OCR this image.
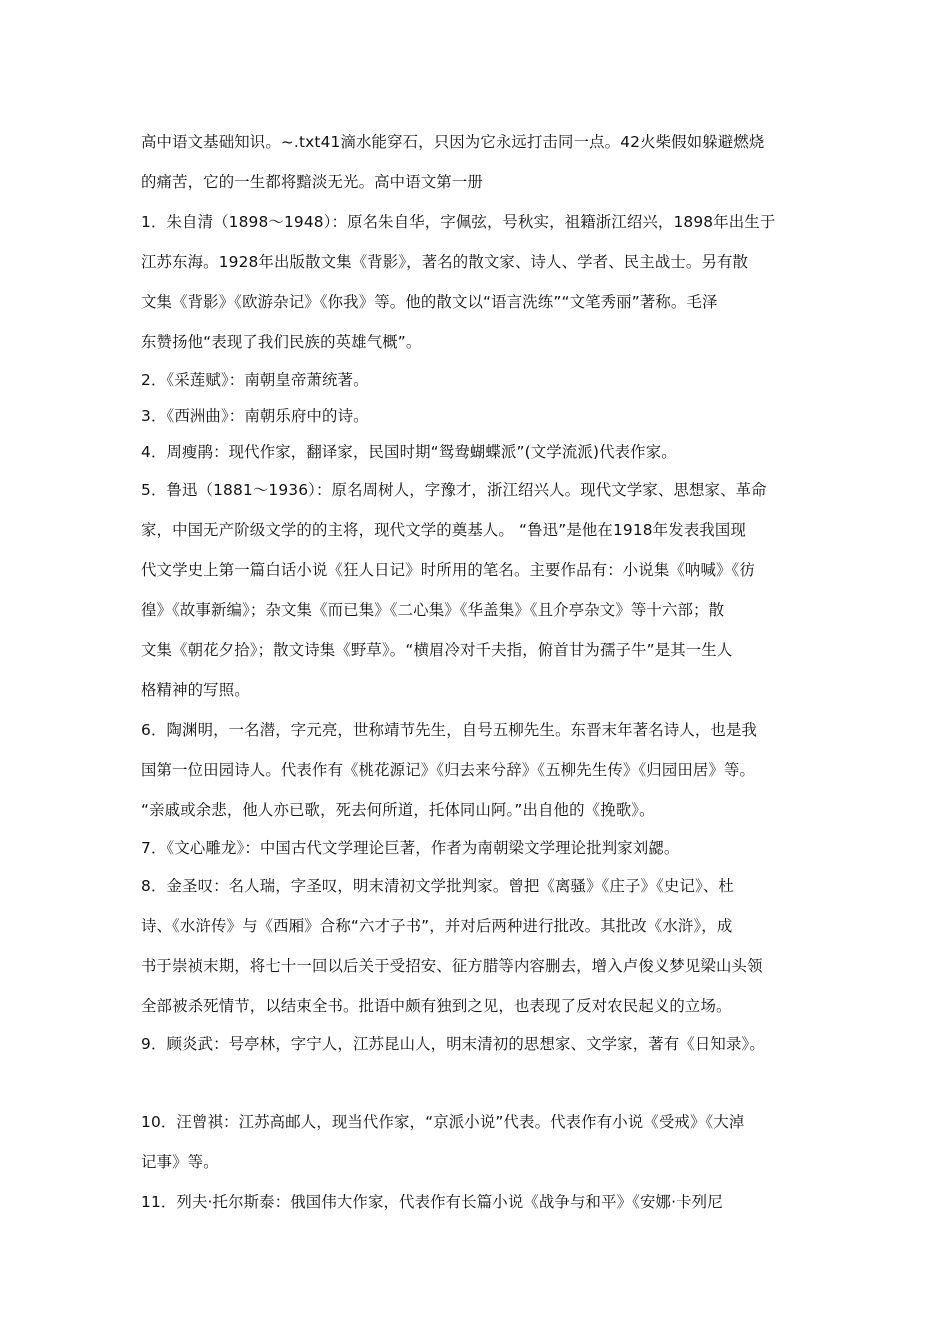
高中语文基础知识。~.txt41滴水能穿石，只因为它永远打击同一点。42火柴假如躲避燃烧

的痛苦，它的一生都将黯淡无光。高中语文第一册

1．朱自清（1898～1948）：原名朱自华，字佩弦，号秋实，祖籍浙江绍兴，1898年出生于

江苏东海。1928年出版散文集《背影》，著名的散文家、诗人、学者、民主战士。另有散

文集《背影》《欧游杂记》《你我》等。他的散文以“语言洗练”“文笔秀丽”著称。毛泽

东赞扬他“表现了我们民族的英雄气概”。

2．《采莲赋》：南朝皇帝萧统著。

3．《西洲曲》：南朝乐府中的诗。

4．周瘦鹃：现代作家，翻译家，民国时期“鸳鸯蝴蝶派”(文学流派)代表作家。

5．鲁迅（1881～1936）：原名周树人，字豫才，浙江绍兴人。现代文学家、思想家、革命

家，中国无产阶级文学的的主将，现代文学的奠基人。 “鲁迅”是他在1918年发表我国现

代文学史上第一篇白话小说《狂人日记》时所用的笔名。主要作品有：小说集《呐喊》《彷

徨》《故事新编》；杂文集《而已集》《二心集》《华盖集》《且介亭杂文》等十六部；散

文集《朝花夕拾》；散文诗集《野草》。“横眉冷对千夫指，俯首甘为孺子牛”是其一生人

格精神的写照。

6．陶渊明，一名潜，字元亮，世称靖节先生，自号五柳先生。东晋末年著名诗人，也是我

国第一位田园诗人。代表作有《桃花源记》《归去来兮辞》《五柳先生传》《归园田居》等。

“亲戚或余悲，他人亦已歌，死去何所道，托体同山阿。”出自他的《挽歌》。

7．《文心雕龙》：中国古代文学理论巨著，作者为南朝梁文学理论批判家刘勰。

8．金圣叹：名人瑞，字圣叹，明末清初文学批判家。曾把《离骚》《庄子》《史记》、杜

诗、《水浒传》与《西厢》合称“六才子书”，并对后两种进行批改。其批改《水浒》，成

书于崇祯末期，将七十一回以后关于受招安、征方腊等内容删去，增入卢俊义梦见梁山头领

全部被杀死情节，以结束全书。批语中颇有独到之见，也表现了反对农民起义的立场。

9．顾炎武：号亭林，字宁人，江苏昆山人，明末清初的思想家、文学家，著有《日知录》。

10．汪曾祺：江苏高邮人，现当代作家，“京派小说”代表。代表作有小说《受戒》《大淖

记事》等。

11．列夫·托尔斯泰：俄国伟大作家，代表作有长篇小说《战争与和平》《安娜·卡列尼
